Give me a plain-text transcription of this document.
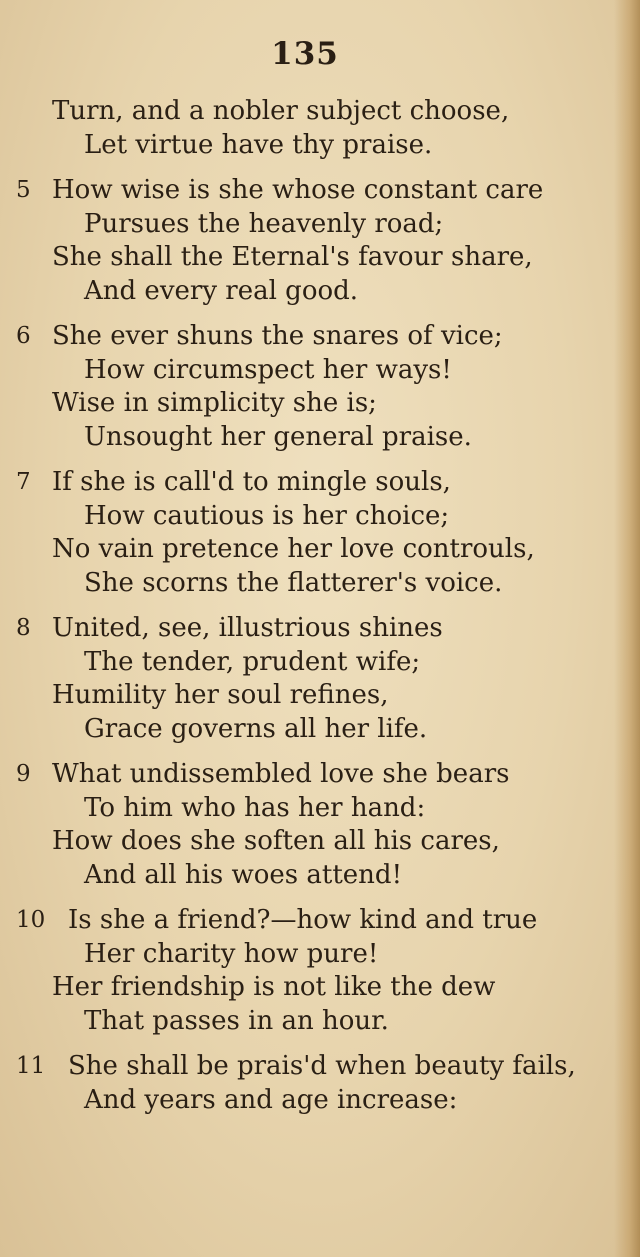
135
Turn, and a nobler subject choose,
Let virtue have thy praise.
5 How wise is she whose constant care
Pursues the heavenly road;
She shall the Eternal's favour share,
And every real good.
6 She ever shuns the snares of vice;
How circumspect her ways!
Wise in simplicity she is;
Unsought her general praise.
7 If she is call'd to mingle souls,
How cautious is her choice;
No vain pretence her love controuls,
She scorns the flatterer's voice.
8 United, see, illustrious shines
The tender, prudent wife;
Humility her soul refines,
Grace governs all her life.
9 What undissembled love she bears
To him who has her hand:
How does she soften all his cares,
And all his woes attend!
10 Is she a friend?—how kind and true
Her charity how pure!
Her friendship is not like the dew
That passes in an hour.
11 She shall be prais'd when beauty fails,
And years and age increase:
